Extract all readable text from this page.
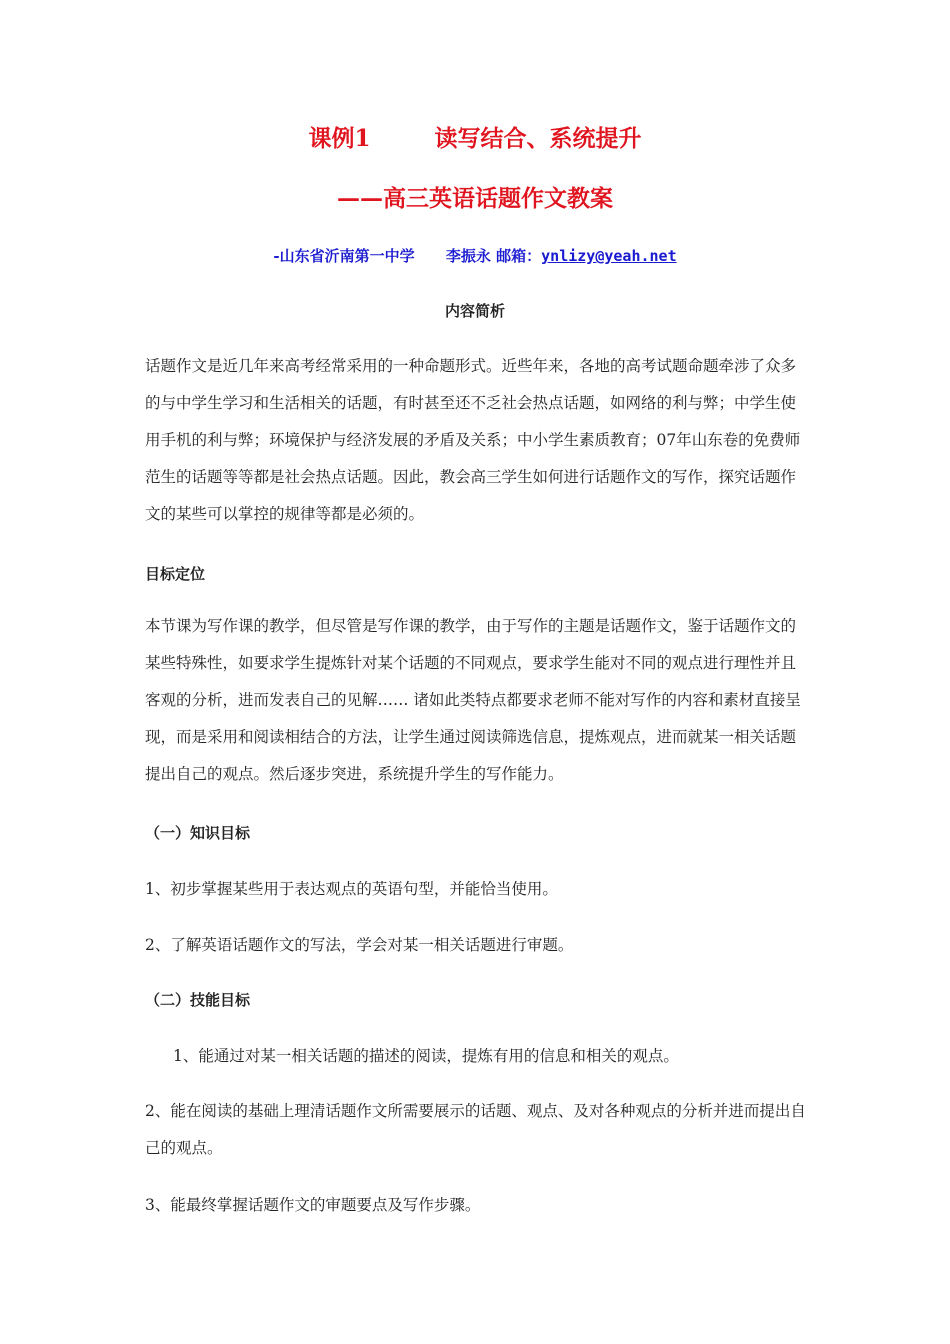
课例1        读写结合、系统提升
——高三英语话题作文教案
-山东省沂南第一中学      李振永 邮箱：ynlizy@yeah.net
内容简析

话题作文是近几年来高考经常采用的一种命题形式。近些年来，各地的高考试题命题牵涉了众多的与中学生学习和生活相关的话题，有时甚至还不乏社会热点话题，如网络的利与弊；中学生使用手机的利与弊；环境保护与经济发展的矛盾及关系；中小学生素质教育；07年山东卷的免费师范生的话题等等都是社会热点话题。因此，教会高三学生如何进行话题作文的写作，探究话题作文的某些可以掌控的规律等都是必须的。

目标定位

本节课为写作课的教学，但尽管是写作课的教学，由于写作的主题是话题作文，鉴于话题作文的某些特殊性，如要求学生提炼针对某个话题的不同观点，要求学生能对不同的观点进行理性并且客观的分析，进而发表自己的见解…… 诸如此类特点都要求老师不能对写作的内容和素材直接呈现，而是采用和阅读相结合的方法，让学生通过阅读筛选信息，提炼观点，进而就某一相关话题提出自己的观点。然后逐步突进，系统提升学生的写作能力。

（一）知识目标

1、初步掌握某些用于表达观点的英语句型，并能恰当使用。

2、了解英语话题作文的写法，学会对某一相关话题进行审题。

（二）技能目标

1、能通过对某一相关话题的描述的阅读，提炼有用的信息和相关的观点。

2、能在阅读的基础上理清话题作文所需要展示的话题、观点、及对各种观点的分析并进而提出自己的观点。

3、能最终掌握话题作文的审题要点及写作步骤。
